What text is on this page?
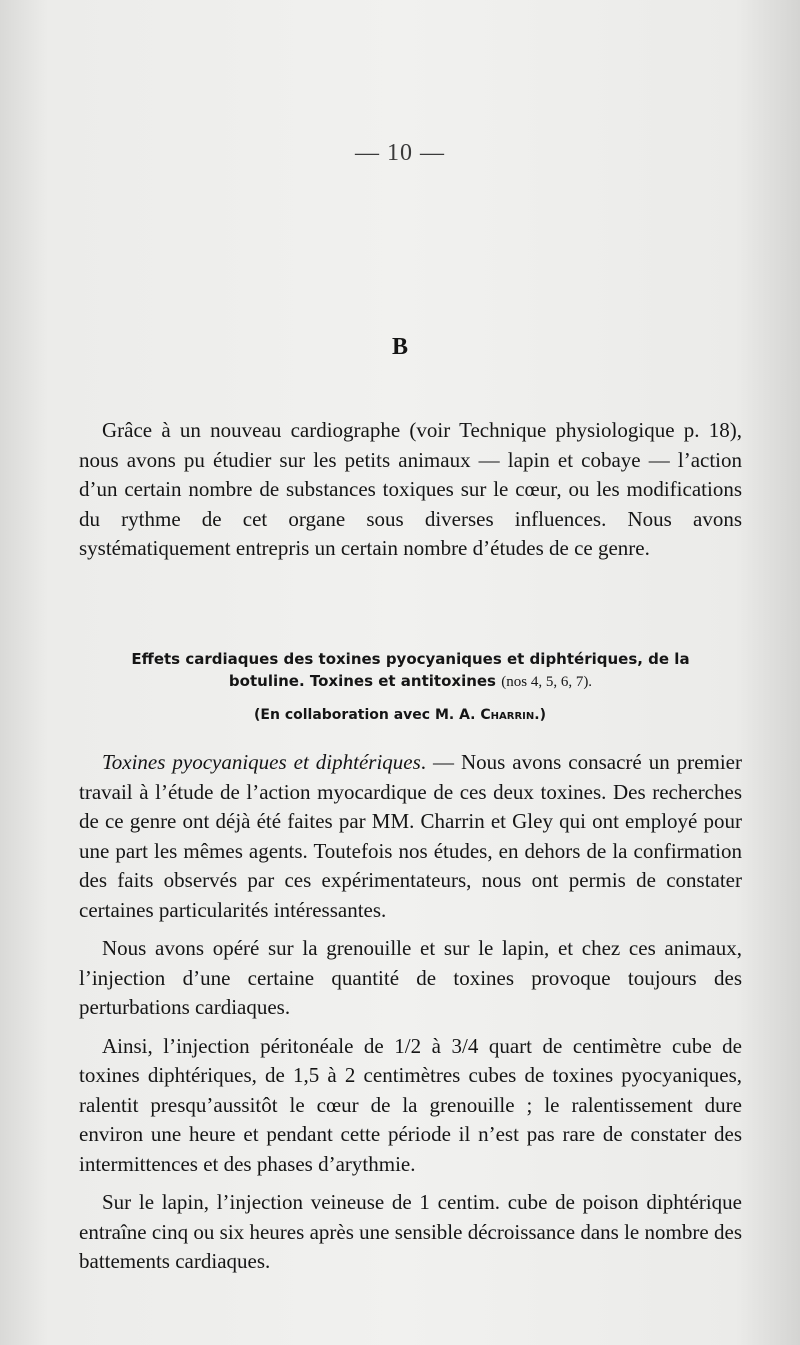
— 10 —
B

Grâce à un nouveau cardiographe (voir Technique physiologique p. 18), nous avons pu étudier sur les petits animaux — lapin et cobaye — l’action d’un certain nombre de substances toxiques sur le cœur, ou les modifications du rythme de cet organe sous diverses influences. Nous avons systématiquement entrepris un certain nombre d’études de ce genre.

Effets cardiaques des toxines pyocyaniques et diphtériques, de la
botuline. Toxines et antitoxines (nos 4, 5, 6, 7).
(En collaboration avec M. A. Charrin.)

Toxines pyocyaniques et diphtériques. — Nous avons consacré un premier travail à l’étude de l’action myocardique de ces deux toxines. Des recherches de ce genre ont déjà été faites par MM. Charrin et Gley qui ont employé pour une part les mêmes agents. Toutefois nos études, en dehors de la confirmation des faits observés par ces expérimentateurs, nous ont permis de constater certaines particularités intéressantes.

Nous avons opéré sur la grenouille et sur le lapin, et chez ces animaux, l’injection d’une certaine quantité de toxines provoque toujours des perturbations cardiaques.

Ainsi, l’injection péritonéale de 1/2 à 3/4 quart de centimètre cube de toxines diphtériques, de 1,5 à 2 centimètres cubes de toxines pyocyaniques, ralentit presqu’aussitôt le cœur de la grenouille ; le ralentissement dure environ une heure et pendant cette période il n’est pas rare de constater des intermittences et des phases d’arythmie.

Sur le lapin, l’injection veineuse de 1 centim. cube de poison diphtérique entraîne cinq ou six heures après une sensible décroissance dans le nombre des battements cardiaques.
